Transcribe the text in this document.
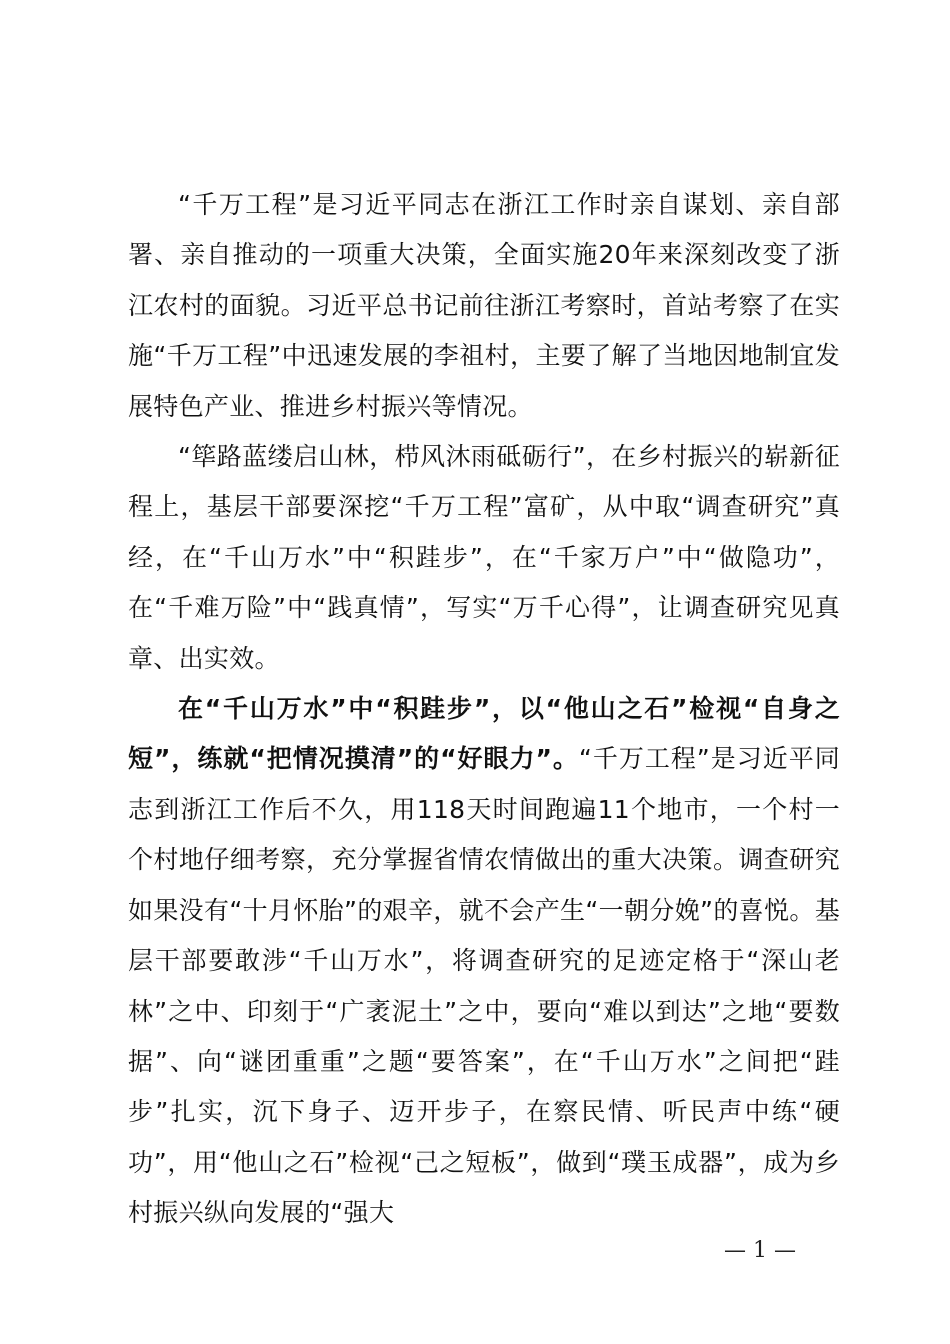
“千万工程”是习近平同志在浙江工作时亲自谋划、亲自部署、亲自推动的一项重大决策，全面实施20年来深刻改变了浙江农村的面貌。习近平总书记前往浙江考察时，首站考察了在实施“千万工程”中迅速发展的李祖村，主要了解了当地因地制宜发展特色产业、推进乡村振兴等情况。

“筚路蓝缕启山林，栉风沐雨砥砺行”，在乡村振兴的崭新征程上，基层干部要深挖“千万工程”富矿，从中取“调查研究”真经，在“千山万水”中“积跬步”，在“千家万户”中“做隐功”，在“千难万险”中“践真情”，写实“万千心得”，让调查研究见真章、出实效。

在“千山万水”中“积跬步”，以“他山之石”检视“自身之短”，练就“把情况摸清”的“好眼力”。“千万工程”是习近平同志到浙江工作后不久，用118天时间跑遍11个地市，一个村一个村地仔细考察，充分掌握省情农情做出的重大决策。调查研究如果没有“十月怀胎”的艰辛，就不会产生“一朝分娩”的喜悦。基层干部要敢涉“千山万水”，将调查研究的足迹定格于“深山老林”之中、印刻于“广袤泥土”之中，要向“难以到达”之地“要数据”、向“谜团重重”之题“要答案”，在“千山万水”之间把“跬步”扎实，沉下身子、迈开步子，在察民情、听民声中练“硬功”，用“他山之石”检视“己之短板”，做到“璞玉成器”，成为乡村振兴纵向发展的“强大

— 1 —
